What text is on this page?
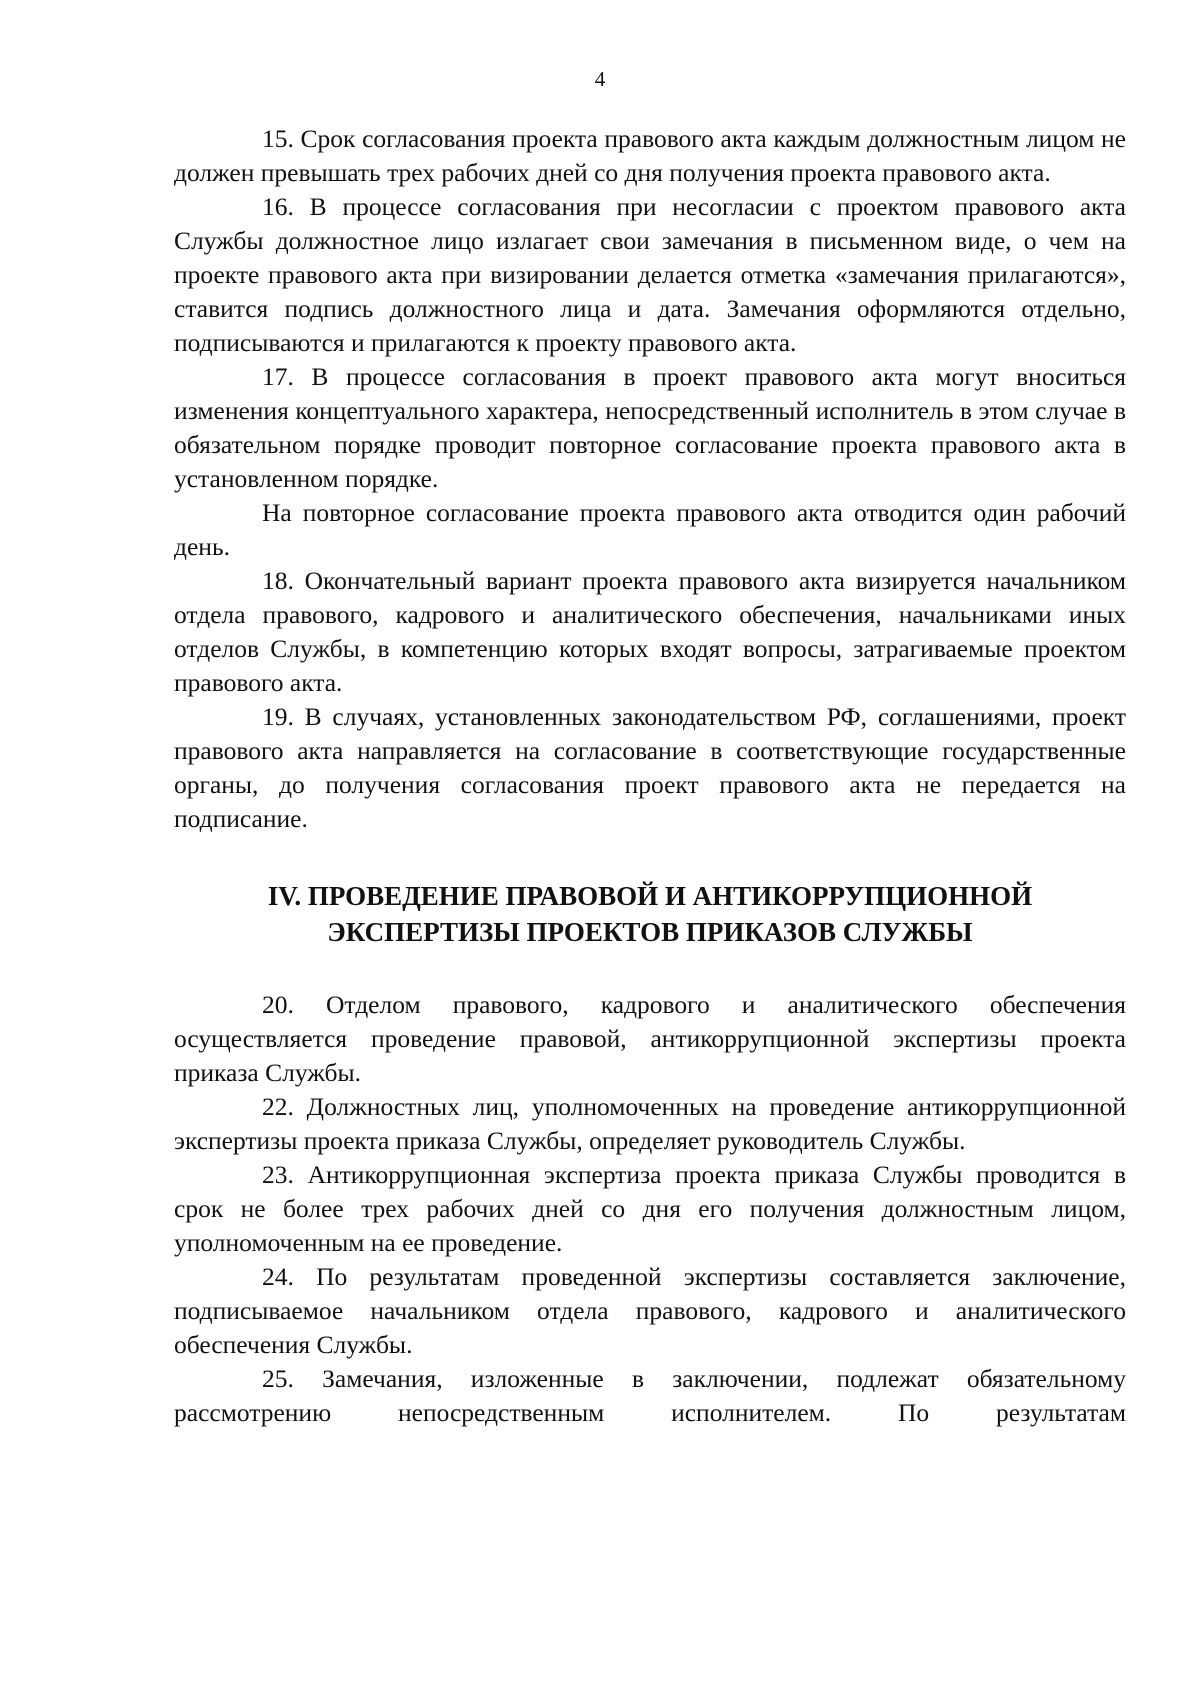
4

15. Срок согласования проекта правового акта каждым должностным лицом не должен превышать трех рабочих дней со дня получения проекта правового акта.

16. В процессе согласования при несогласии с проектом правового акта Службы должностное лицо излагает свои замечания в письменном виде, о чем на проекте правового акта при визировании делается отметка «замечания прилагаются», ставится подпись должностного лица и дата. Замечания оформляются отдельно, подписываются и прилагаются к проекту правового акта.

17. В процессе согласования в проект правового акта могут вноситься изменения концептуального характера, непосредственный исполнитель в этом случае в обязательном порядке проводит повторное согласование проекта правового акта в установленном порядке.

На повторное согласование проекта правового акта отводится один рабочий день.

18. Окончательный вариант проекта правового акта визируется начальником отдела правового, кадрового и аналитического обеспечения, начальниками иных отделов Службы, в компетенцию которых входят вопросы, затрагиваемые проектом правового акта.

19. В случаях, установленных законодательством РФ, соглашениями, проект правового акта направляется на согласование в соответствующие государственные органы, до получения согласования проект правового акта не передается на подписание.

IV. ПРОВЕДЕНИЕ ПРАВОВОЙ И АНТИКОРРУПЦИОННОЙ
ЭКСПЕРТИЗЫ ПРОЕКТОВ ПРИКАЗОВ СЛУЖБЫ

20. Отделом правового, кадрового и аналитического обеспечения осуществляется проведение правовой, антикоррупционной экспертизы проекта приказа Службы.

22. Должностных лиц, уполномоченных на проведение антикоррупционной экспертизы проекта приказа Службы, определяет руководитель Службы.

23. Антикоррупционная экспертиза проекта приказа Службы проводится в срок не более трех рабочих дней со дня его получения должностным лицом, уполномоченным на ее проведение.

24. По результатам проведенной экспертизы составляется заключение, подписываемое начальником отдела правового, кадрового и аналитического обеспечения Службы.

25. Замечания, изложенные в заключении, подлежат обязательному рассмотрению непосредственным исполнителем. По результатам
